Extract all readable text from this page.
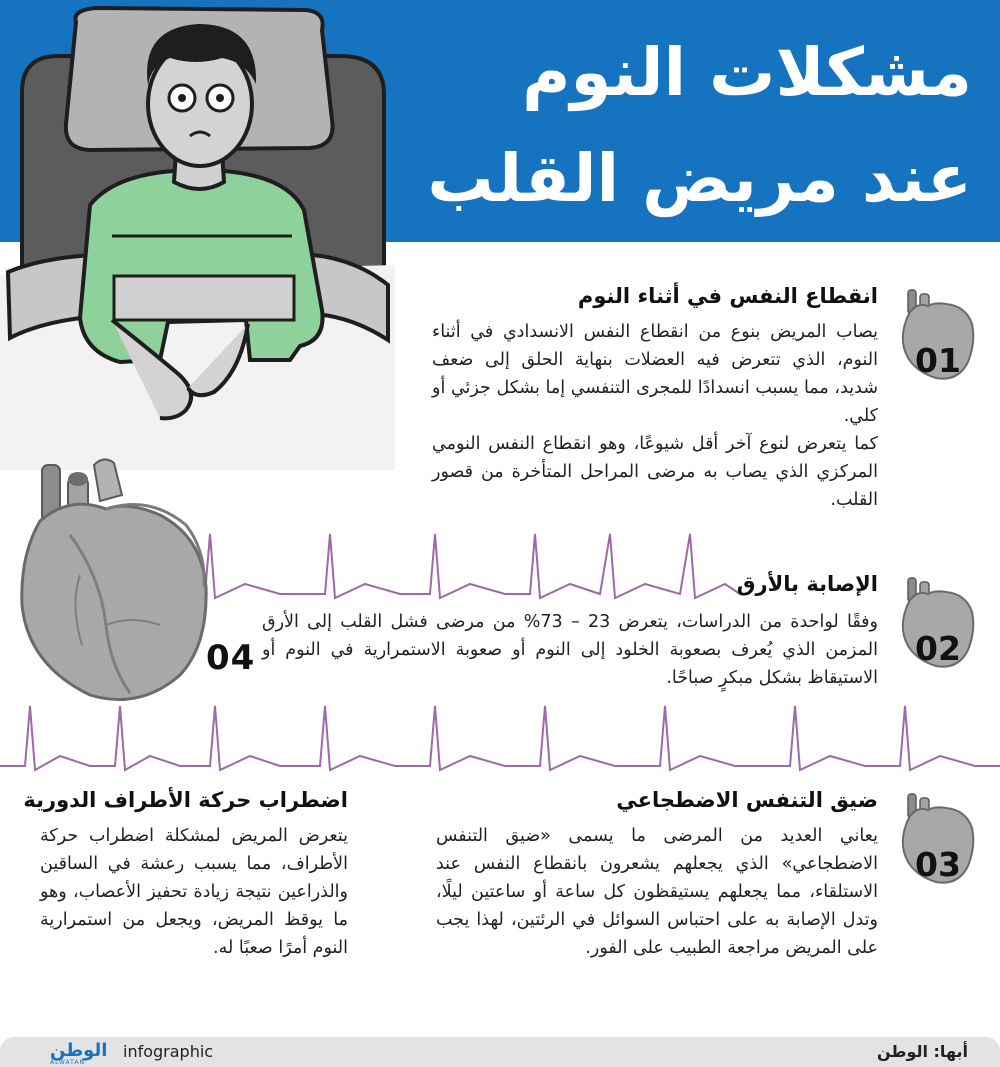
مشكلات النوم
عند مريض القلب
04
01
انقطاع النفس في أثناء النوم
يصاب المريض بنوع من انقطاع النفس الانسدادي في أثناء النوم، الذي تتعرض فيه العضلات بنهاية الحلق إلى ضعف شديد، مما يسبب انسدادًا للمجرى التنفسي إما بشكل جزئي أو كلي.
كما يتعرض لنوع آخر أقل شيوعًا، وهو انقطاع النفس النومي المركزي الذي يصاب به مرضى المراحل المتأخرة من قصور القلب.
02
الإصابة بالأرق
وفقًا لواحدة من الدراسات، يتعرض 23 – 73% من مرضى فشل القلب إلى الأرق المزمن الذي يُعرف بصعوبة الخلود إلى النوم أو صعوبة الاستمرارية في النوم أو الاستيقاظ بشكل مبكرٍ صباحًا.
03
ضيق التنفس الاضطجاعي
يعاني العديد من المرضى ما يسمى «ضيق التنفس الاضطجاعي» الذي يجعلهم يشعرون بانقطاع النفس عند الاستلقاء، مما يجعلهم يستيقظون كل ساعة أو ساعتين ليلًا، وتدل الإصابة به على احتباس السوائل في الرئتين، لهذا يجب على المريض مراجعة الطبيب على الفور.
اضطراب حركة الأطراف الدورية
يتعرض المريض لمشكلة اضطراب حركة الأطراف، مما يسبب رعشة في الساقين والذراعين نتيجة زيادة تحفيز الأعصاب، وهو ما يوقظ المريض، ويجعل من استمرارية النوم أمرًا صعبًا له.
أبها: الوطن
الوطن
ALWATAN
infographic
